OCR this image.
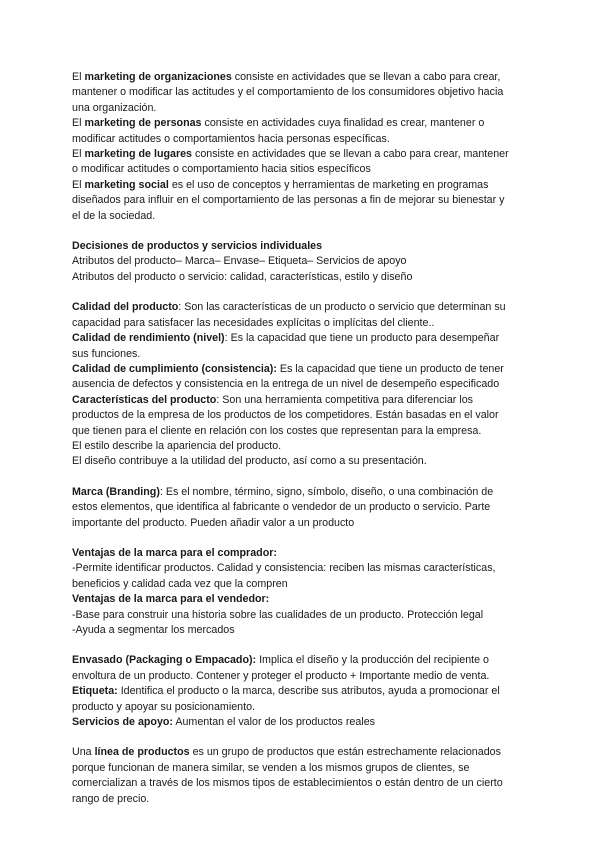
El marketing de organizaciones consiste en actividades que se llevan a cabo para crear,
mantener o modificar las actitudes y el comportamiento de los consumidores objetivo hacia
una organización.
El marketing de personas consiste en actividades cuya finalidad es crear, mantener o
modificar actitudes o comportamientos hacia personas específicas.
El marketing de lugares consiste en actividades que se llevan a cabo para crear, mantener
o modificar actitudes o comportamiento hacia sitios específicos
El marketing social es el uso de conceptos y herramientas de marketing en programas
diseñados para influir en el comportamiento de las personas a fin de mejorar su bienestar y
el de la sociedad.
Decisiones de productos y servicios individuales
Atributos del producto– Marca– Envase– Etiqueta– Servicios de apoyo
Atributos del producto o servicio: calidad, características, estilo y diseño
Calidad del producto: Son las características de un producto o servicio que determinan su
capacidad para satisfacer las necesidades explícitas o implícitas del cliente..
Calidad de rendimiento (nivel): Es la capacidad que tiene un producto para desempeñar
sus funciones.
Calidad de cumplimiento (consistencia): Es la capacidad que tiene un producto de tener
ausencia de defectos y consistencia en la entrega de un nivel de desempeño especificado
Características del producto: Son una herramienta competitiva para diferenciar los
productos de la empresa de los productos de los competidores. Están basadas en el valor
que tienen para el cliente en relación con los costes que representan para la empresa.
El estilo describe la apariencia del producto.
El diseño contribuye a la utilidad del producto, así como a su presentación.
Marca (Branding): Es el nombre, término, signo, símbolo, diseño, o una combinación de
estos elementos, que identifica al fabricante o vendedor de un producto o servicio. Parte
importante del producto. Pueden añadir valor a un producto
Ventajas de la marca para el comprador:
-Permite identificar productos. Calidad y consistencia: reciben las mismas características,
beneficios y calidad cada vez que la compren
Ventajas de la marca para el vendedor:
-Base para construir una historia sobre las cualidades de un producto. Protección legal
-Ayuda a segmentar los mercados
Envasado (Packaging o Empacado): Implica el diseño y la producción del recipiente o
envoltura de un producto. Contener y proteger el producto + Importante medio de venta.
Etiqueta: Identifica el producto o la marca, describe sus atributos, ayuda a promocionar el
producto y apoyar su posicionamiento.
Servicios de apoyo: Aumentan el valor de los productos reales
Una línea de productos es un grupo de productos que están estrechamente relacionados
porque funcionan de manera similar, se venden a los mismos grupos de clientes, se
comercializan a través de los mismos tipos de establecimientos o están dentro de un cierto
rango de precio.
